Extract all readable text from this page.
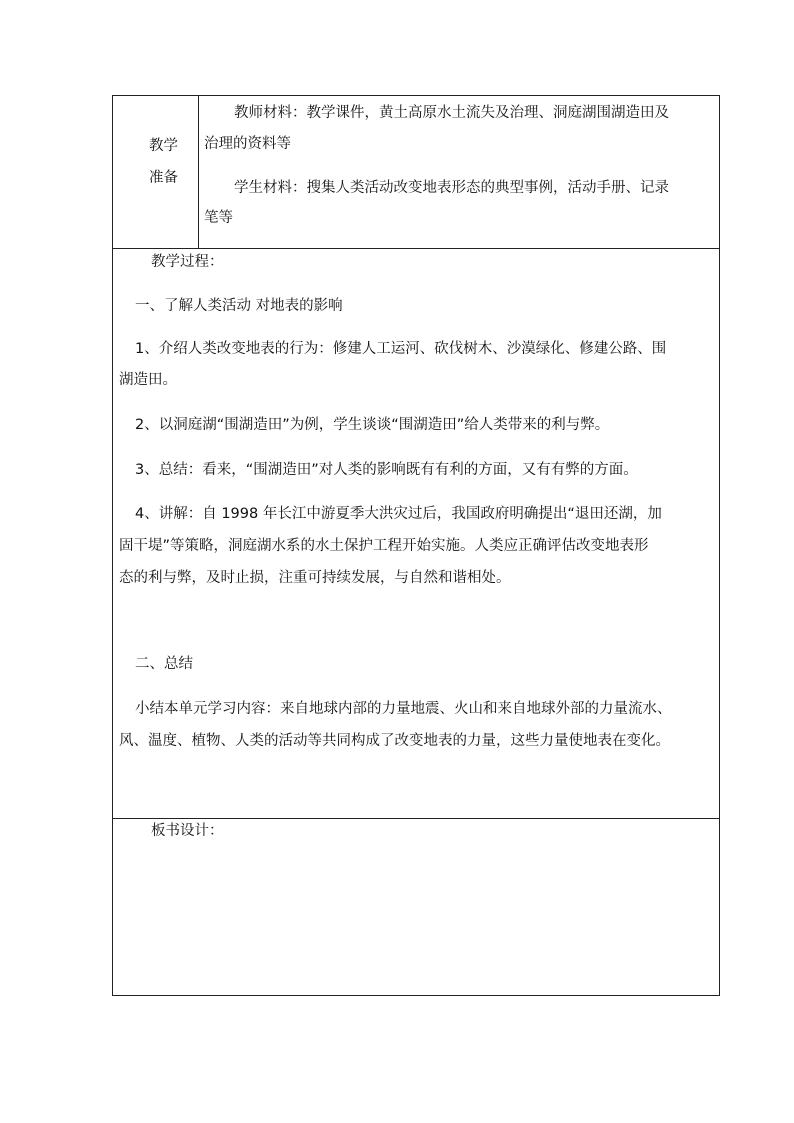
教学
准备
教师材料：教学课件，黄土高原水土流失及治理、洞庭湖围湖造田及
治理的资料等
学生材料：搜集人类活动改变地表形态的典型事例，活动手册、记录
笔等
教学过程：
一、了解人类活动 对地表的影响
1、介绍人类改变地表的行为：修建人工运河、砍伐树木、沙漠绿化、修建公路、围
湖造田。
2、以洞庭湖“围湖造田”为例，学生谈谈“围湖造田”给人类带来的利与弊。
3、总结：看来，“围湖造田”对人类的影响既有有利的方面，又有有弊的方面。
4、讲解：自 1998 年长江中游夏季大洪灾过后，我国政府明确提出“退田还湖，加
固干堤”等策略，洞庭湖水系的水土保护工程开始实施。人类应正确评估改变地表形
态的利与弊，及时止损，注重可持续发展，与自然和谐相处。
二、总结
小结本单元学习内容：来自地球内部的力量地震、火山和来自地球外部的力量流水、
风、温度、植物、人类的活动等共同构成了改变地表的力量，这些力量使地表在变化。
板书设计：
